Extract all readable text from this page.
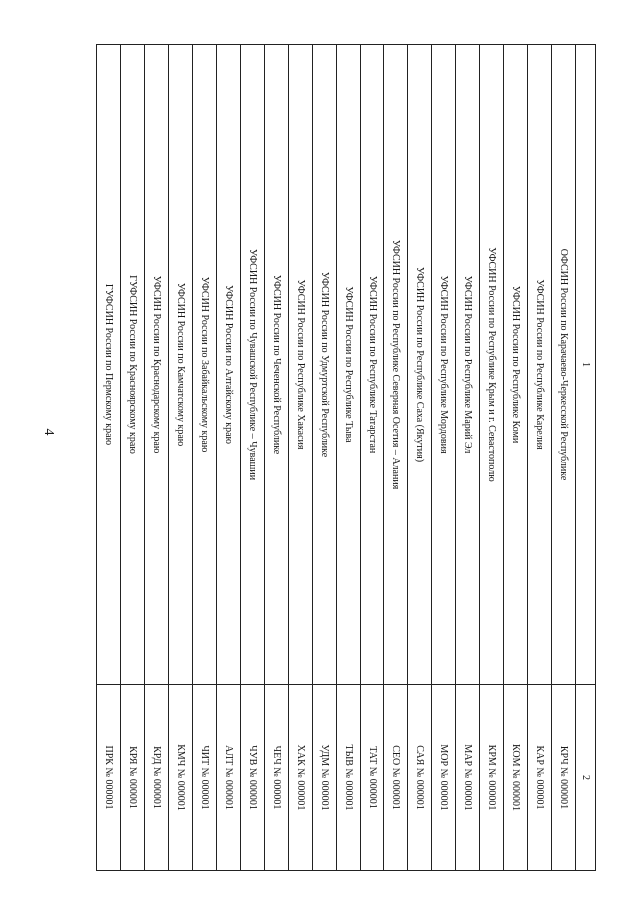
4
1	2
ОФСИН России по Карачаево-Черкесской Республике	КРЧ № 000001
УФСИН России по Республике Карелия	КАР № 000001
УФСИН России по Республике Коми	КОМ № 000001
УФСИН России по Республике Крым и г. Севастополю	КРМ № 000001
УФСИН России по Республике Марий Эл	МАР № 000001
УФСИН России по Республике Мордовия	МОР № 000001
УФСИН России по Республике Саха (Якутия)	САЯ № 000001
УФСИН России по Республике Северная Осетия – Алания	СЕО № 000001
УФСИН России по Республике Татарстан	ТАТ № 000001
УФСИН России по Республике Тыва	ТЫВ № 000001
УФСИН России по Удмуртской Республике	УДМ № 000001
УФСИН России по Республике Хакасия	ХАК № 000001
УФСИН России по Чеченской Республике	ЧЕЧ № 000001
УФСИН России по Чувашской Республике – Чувашии	ЧУВ № 000001
УФСИН России по Алтайскому краю	АЛТ № 000001
УФСИН России по Забайкальскому краю	ЧИТ № 000001
УФСИН России по Камчатскому краю	КМЧ № 000001
УФСИН России по Краснодарскому краю	КРД № 000001
ГУФСИН России по Красноярскому краю	КРЯ № 000001
ГУФСИН России по Пермскому краю	ПРК № 000001
